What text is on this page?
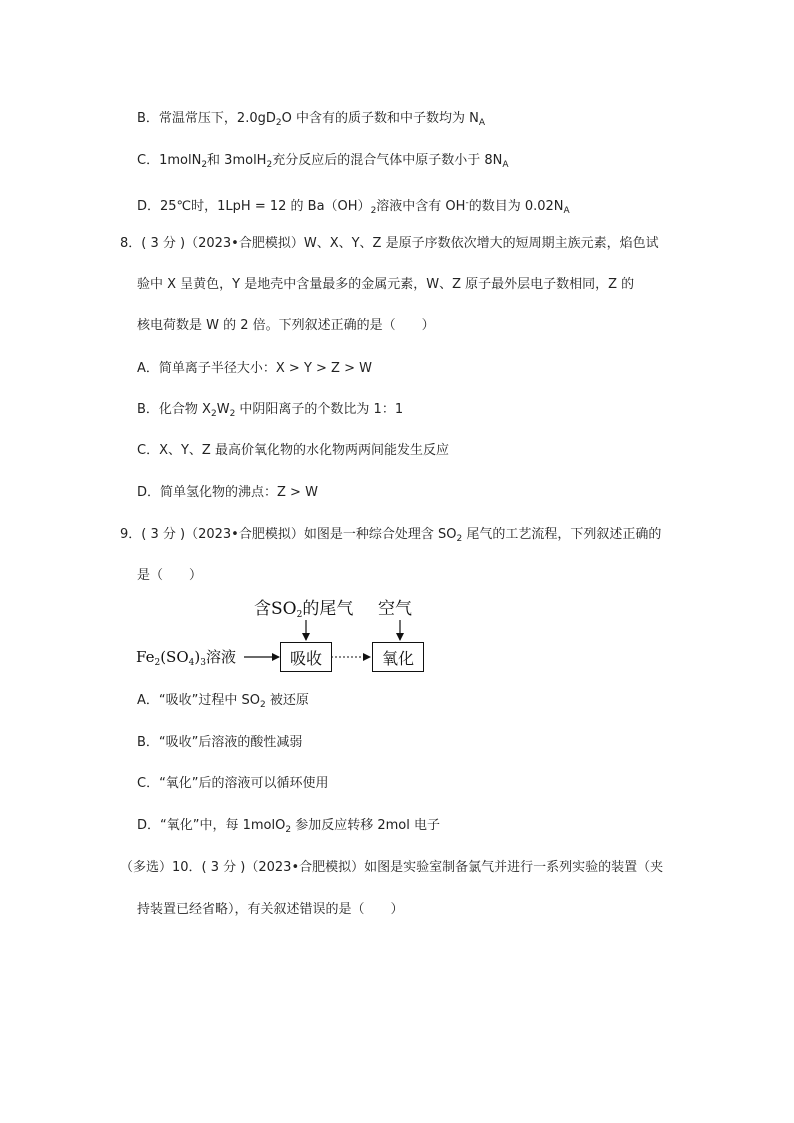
B．常温常压下，$2.0gD_2O$ 中含有的质子数和中子数均为 $N_A$
C．1molN$_2$和 3molH$_2$充分反应后的混合气体中原子数小于 $8N_A$
D．25℃时，1LpH = 12 的 $Ba(OH)_2$溶液中含有 OH-的数目为 $0.02N_A$
8．( 3 分 )（2023•合肥模拟）W、X、Y、Z 是原子序数依次增大的短周期主族元素，焰色试
验中 X 呈黄色，Y 是地壳中含量最多的金属元素，W、Z 原子最外层电子数相同，Z 的
核电荷数是 W 的 2 倍。下列叙述正确的是（　　）
A．简单离子半径大小：X > Y > Z > W
B．化合物 $X_2W_2$ 中阴阳离子的个数比为 1：1
C．X、Y、Z 最高价氧化物的水化物两两间能发生反应
D．简单氢化物的沸点：Z > W
9．( 3 分 )（2023•合肥模拟）如图是一种综合处理含 $SO_2$ 尾气的工艺流程，下列叙述正确的
是（　　）
含$SO_2$的尾气 空气
$Fe_2(SO_4)_3$溶液	吸收	氧化
A．“吸收”过程中 $SO_2$ 被还原
B．“吸收”后溶液的酸性减弱
C．“氧化”后的溶液可以循环使用
D．“氧化”中，每 1molO$_2$ 参加反应转移 2mol 电子
（多选）10．( 3 分 )（2023•合肥模拟）如图是实验室制备氯气并进行一系列实验的装置（夹
持装置已经省略），有关叙述错误的是（　　）
